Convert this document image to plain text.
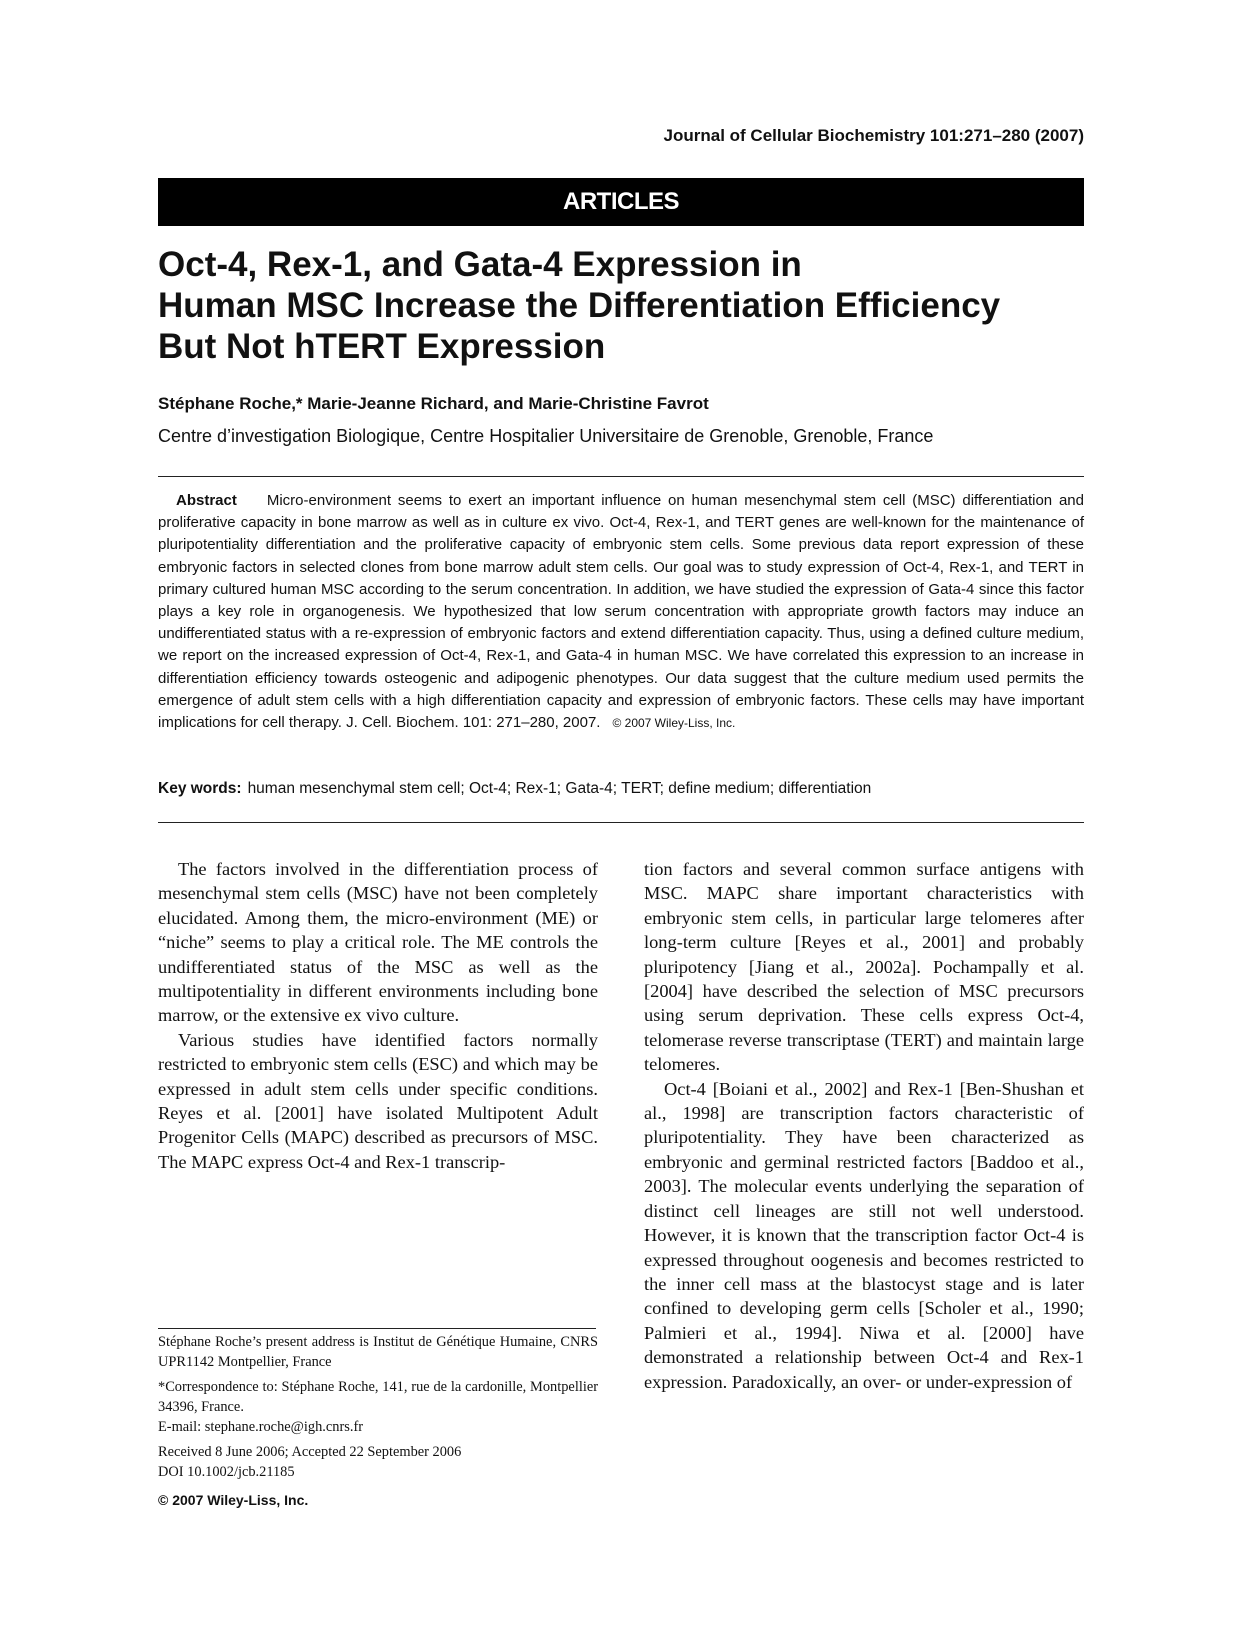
Journal of Cellular Biochemistry 101:271–280 (2007)
ARTICLES
Oct-4, Rex-1, and Gata-4 Expression in
Human MSC Increase the Differentiation Efficiency
But Not hTERT Expression
Stéphane Roche,* Marie-Jeanne Richard, and Marie-Christine Favrot
Centre d’investigation Biologique, Centre Hospitalier Universitaire de Grenoble, Grenoble, France

Abstract Micro-environment seems to exert an important influence on human mesenchymal stem cell (MSC) differentiation and proliferative capacity in bone marrow as well as in culture ex vivo. Oct-4, Rex-1, and TERT genes are well-known for the maintenance of pluripotentiality differentiation and the proliferative capacity of embryonic stem cells. Some previous data report expression of these embryonic factors in selected clones from bone marrow adult stem cells. Our goal was to study expression of Oct-4, Rex-1, and TERT in primary cultured human MSC according to the serum concentration. In addition, we have studied the expression of Gata-4 since this factor plays a key role in organogenesis. We hypothesized that low serum concentration with appropriate growth factors may induce an undifferentiated status with a re-expression of embryonic factors and extend differentiation capacity. Thus, using a defined culture medium, we report on the increased expression of Oct-4, Rex-1, and Gata-4 in human MSC. We have correlated this expression to an increase in differentiation efficiency towards osteogenic and adipogenic phenotypes. Our data suggest that the culture medium used permits the emergence of adult stem cells with a high differentiation capacity and expression of embryonic factors. These cells may have important implications for cell therapy. J. Cell. Biochem. 101: 271–280, 2007. © 2007 Wiley-Liss, Inc.

Key words: human mesenchymal stem cell; Oct-4; Rex-1; Gata-4; TERT; define medium; differentiation

The factors involved in the differentiation process of mesenchymal stem cells (MSC) have not been completely elucidated. Among them, the micro-environment (ME) or “niche” seems to play a critical role. The ME controls the undifferentiated status of the MSC as well as the multipotentiality in different environments including bone marrow, or the extensive ex vivo culture.

Various studies have identified factors normally restricted to embryonic stem cells (ESC) and which may be expressed in adult stem cells under specific conditions. Reyes et al. [2001] have isolated Multipotent Adult Progenitor Cells (MAPC) described as precursors of MSC. The MAPC express Oct-4 and Rex-1 transcrip-

tion factors and several common surface antigens with MSC. MAPC share important characteristics with embryonic stem cells, in particular large telomeres after long-term culture [Reyes et al., 2001] and probably pluripotency [Jiang et al., 2002a]. Pochampally et al. [2004] have described the selection of MSC precursors using serum deprivation. These cells express Oct-4, telomerase reverse transcriptase (TERT) and maintain large telomeres.

Oct-4 [Boiani et al., 2002] and Rex-1 [Ben-Shushan et al., 1998] are transcription factors characteristic of pluripotentiality. They have been characterized as embryonic and germinal restricted factors [Baddoo et al., 2003]. The molecular events underlying the separation of distinct cell lineages are still not well understood. However, it is known that the transcription factor Oct-4 is expressed throughout oogenesis and becomes restricted to the inner cell mass at the blastocyst stage and is later confined to developing germ cells [Scholer et al., 1990; Palmieri et al., 1994]. Niwa et al. [2000] have demonstrated a relationship between Oct-4 and Rex-1 expression. Paradoxically, an over- or under-expression of

Stéphane Roche’s present address is Institut de Génétique Humaine, CNRS UPR1142 Montpellier, France

*Correspondence to: Stéphane Roche, 141, rue de la cardonille, Montpellier 34396, France.

E-mail: stephane.roche@igh.cnrs.fr

Received 8 June 2006; Accepted 22 September 2006

DOI 10.1002/jcb.21185

© 2007 Wiley-Liss, Inc.
